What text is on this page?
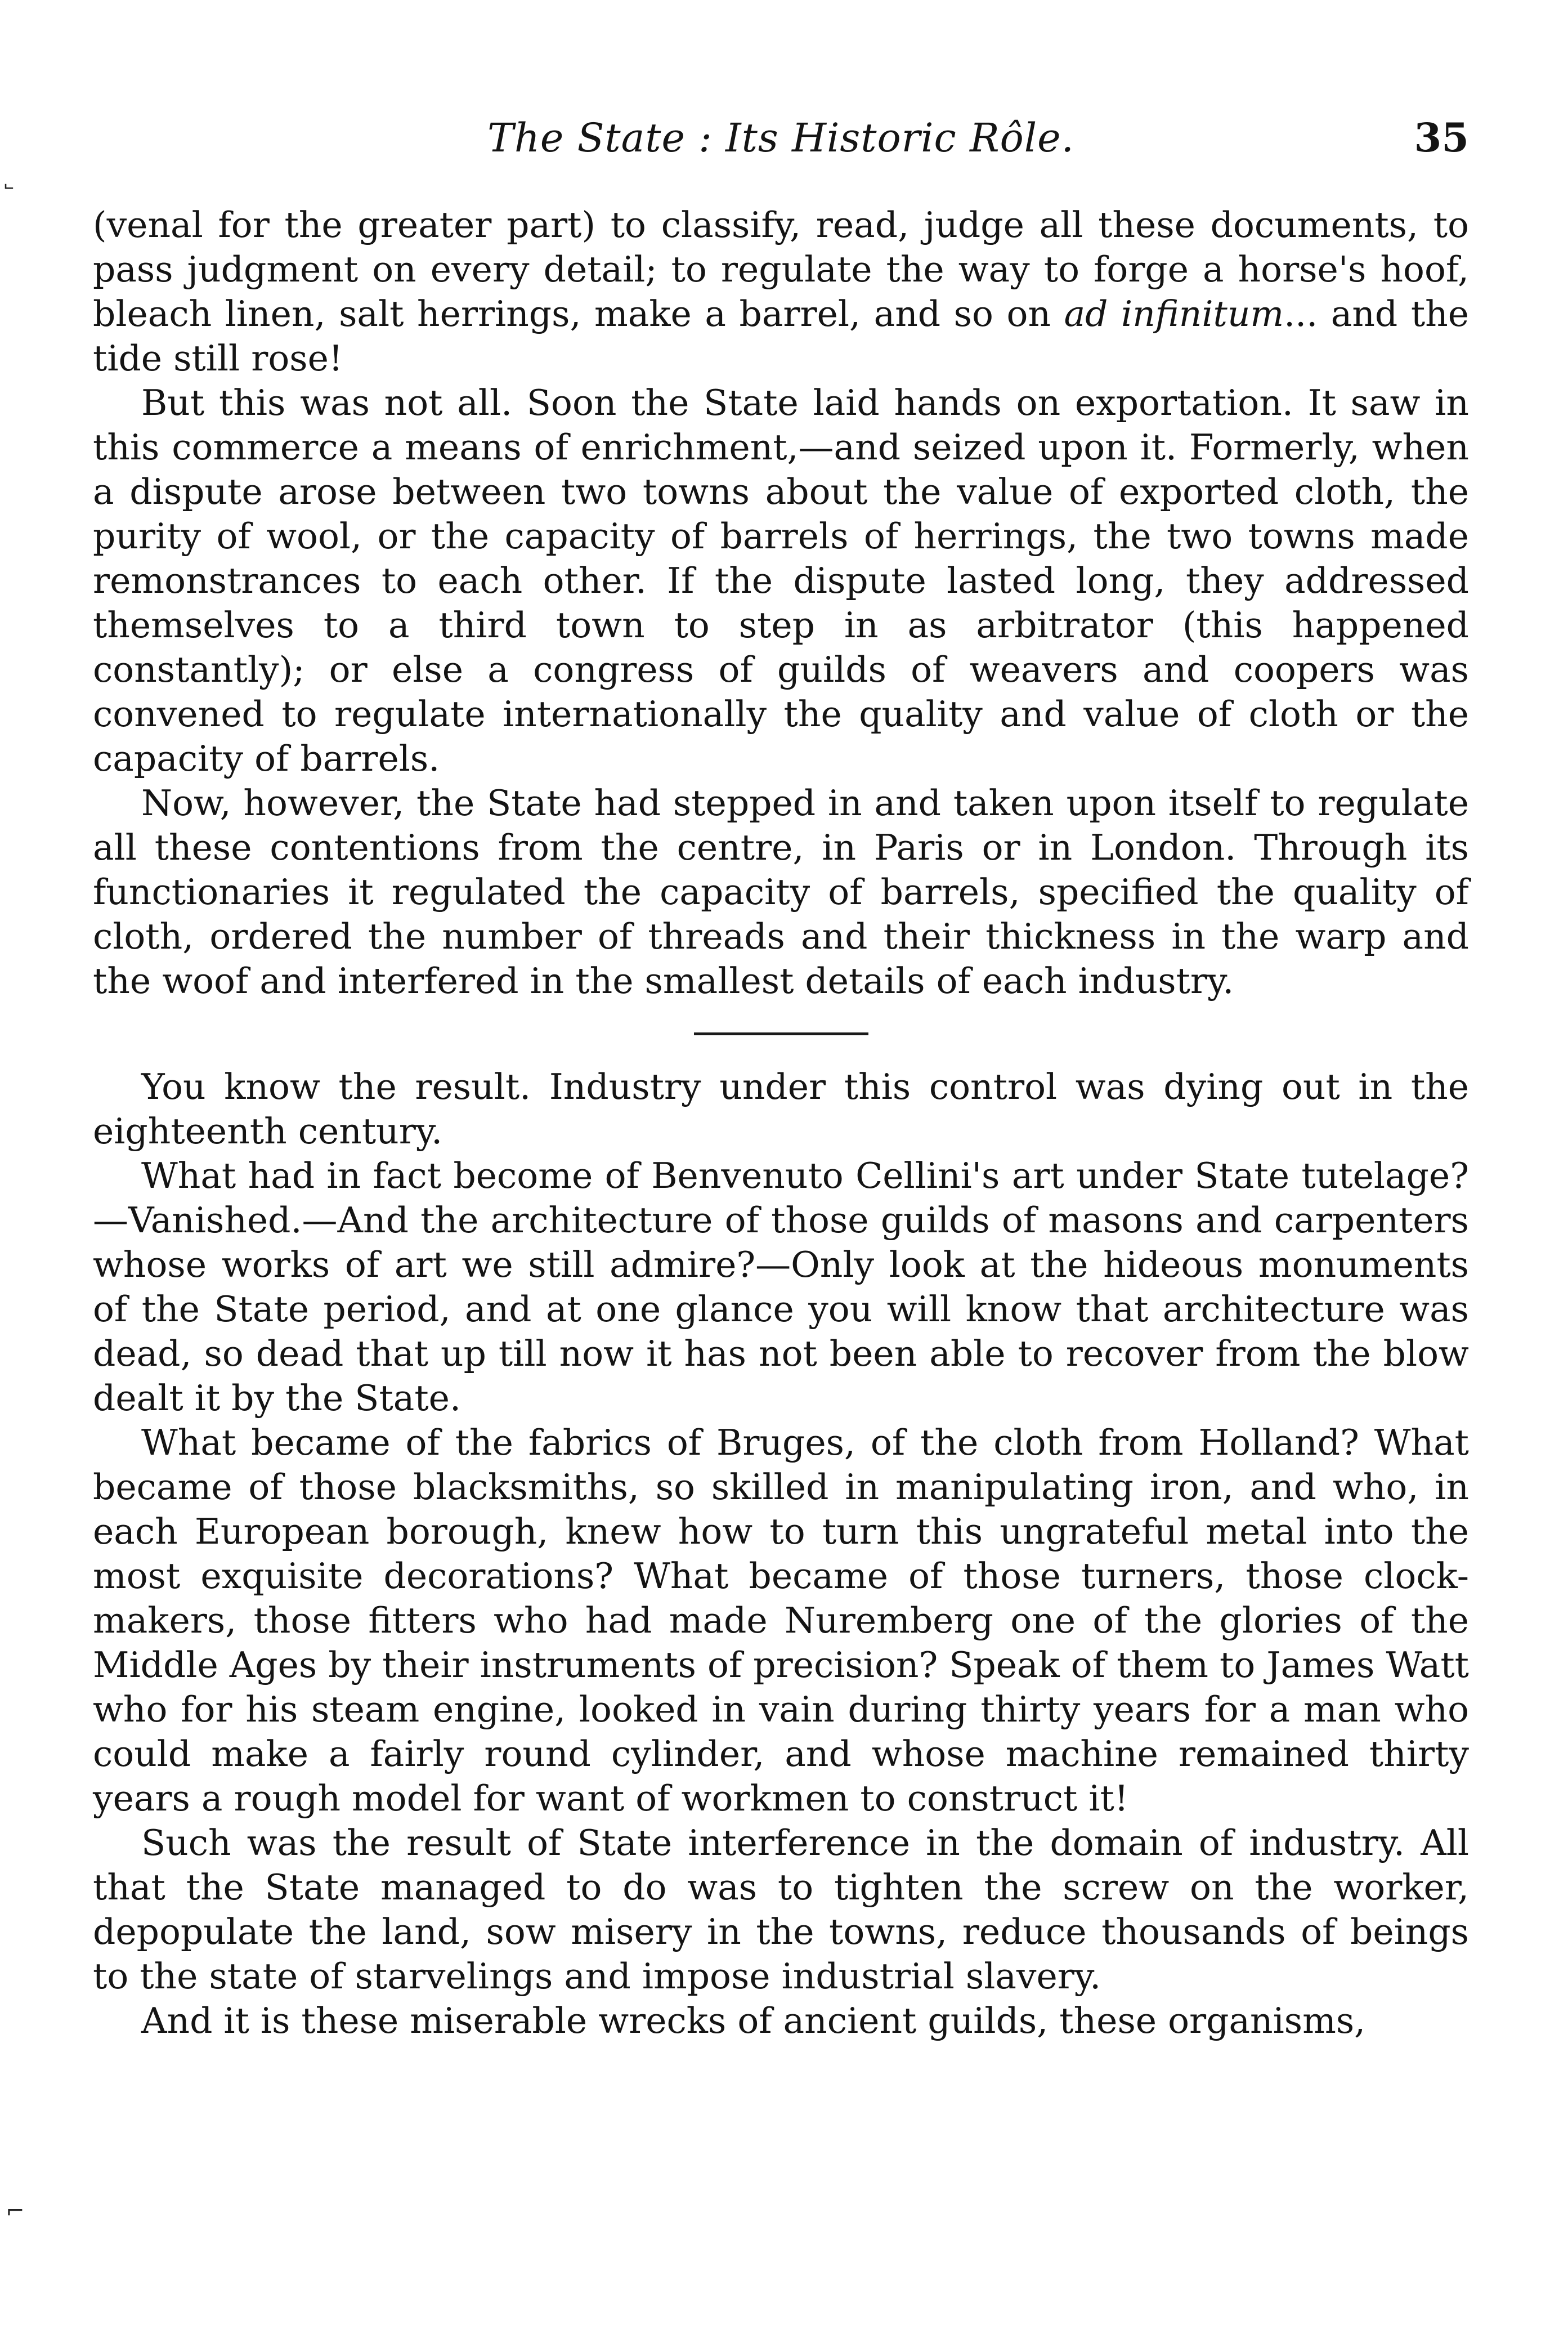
The State : Its Historic Rôle.	35

(venal for the greater part) to classify, read, judge all these documents, to pass judgment on every detail; to regulate the way to forge a horse's hoof, bleach linen, salt herrings, make a barrel, and so on ad infinitum... and the tide still rose!

But this was not all. Soon the State laid hands on exportation. It saw in this commerce a means of enrichment,—and seized upon it. Formerly, when a dispute arose between two towns about the value of exported cloth, the purity of wool, or the capacity of barrels of herrings, the two towns made remonstrances to each other. If the dispute lasted long, they addressed themselves to a third town to step in as arbitrator (this happened constantly); or else a congress of guilds of weavers and coopers was convened to regulate internationally the quality and value of cloth or the capacity of barrels.

Now, however, the State had stepped in and taken upon itself to regulate all these contentions from the centre, in Paris or in London. Through its functionaries it regulated the capacity of barrels, specified the quality of cloth, ordered the number of threads and their thickness in the warp and the woof and interfered in the smallest details of each industry.

You know the result. Industry under this control was dying out in the eighteenth century.

What had in fact become of Benvenuto Cellini's art under State tutelage?—Vanished.—And the architecture of those guilds of masons and carpenters whose works of art we still admire?—Only look at the hideous monuments of the State period, and at one glance you will know that architecture was dead, so dead that up till now it has not been able to recover from the blow dealt it by the State.

What became of the fabrics of Bruges, of the cloth from Holland? What became of those blacksmiths, so skilled in manipulating iron, and who, in each European borough, knew how to turn this ungrateful metal into the most exquisite decorations? What became of those turners, those clock-makers, those fitters who had made Nuremberg one of the glories of the Middle Ages by their instruments of precision? Speak of them to James Watt who for his steam engine, looked in vain during thirty years for a man who could make a fairly round cylinder, and whose machine remained thirty years a rough model for want of workmen to construct it!

Such was the result of State interference in the domain of industry. All that the State managed to do was to tighten the screw on the worker, depopulate the land, sow misery in the towns, reduce thousands of beings to the state of starvelings and impose industrial slavery.

And it is these miserable wrecks of ancient guilds, these organisms,

˾
⌐
